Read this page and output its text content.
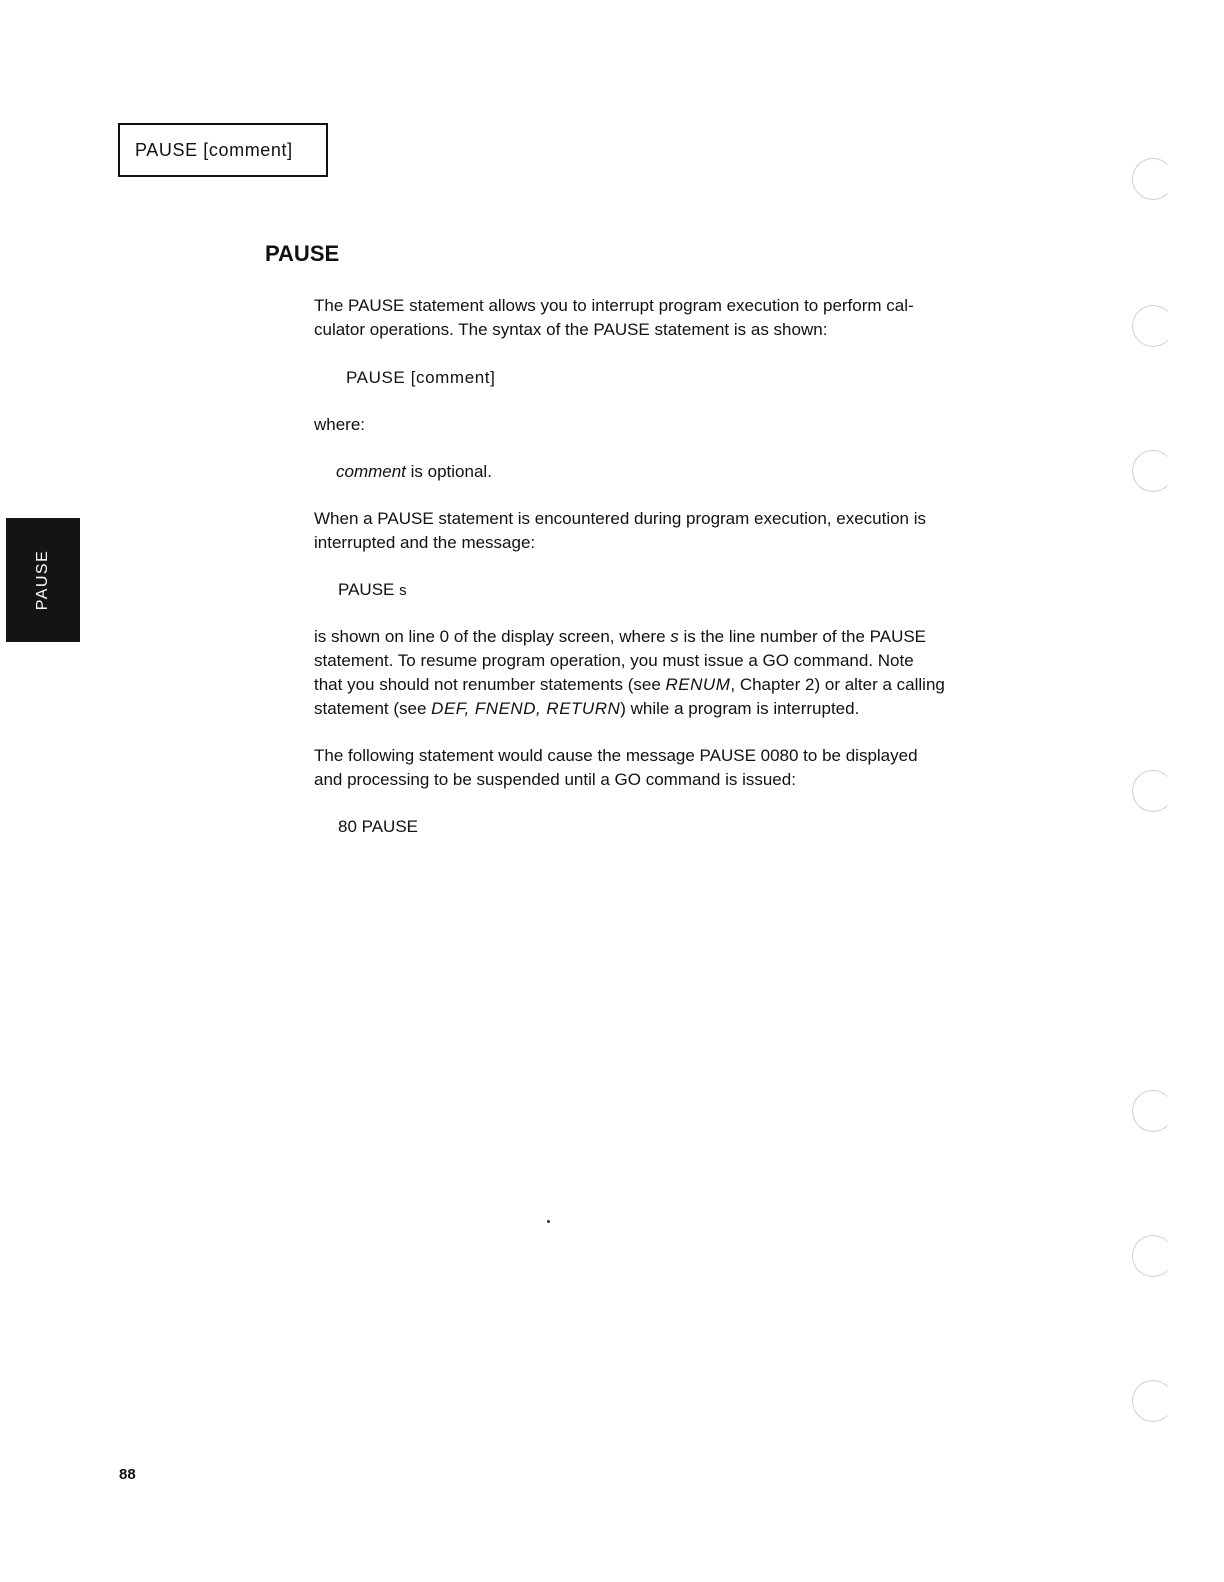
PAUSE [comment]
PAUSE

The PAUSE statement allows you to interrupt program execution to perform cal-

culator operations. The syntax of the PAUSE statement is as shown:

PAUSE [comment]

where:

comment is optional.

When a PAUSE statement is encountered during program execution, execution is

interrupted and the message:

PAUSE s

is shown on line 0 of the display screen, where s is the line number of the PAUSE

statement. To resume program operation, you must issue a GO command. Note

that you should not renumber statements (see RENUM, Chapter 2) or alter a calling

statement (see DEF, FNEND, RETURN) while a program is interrupted.

The following statement would cause the message PAUSE 0080 to be displayed

and processing to be suspended until a GO command is issued:

80 PAUSE

PAUSE
88
